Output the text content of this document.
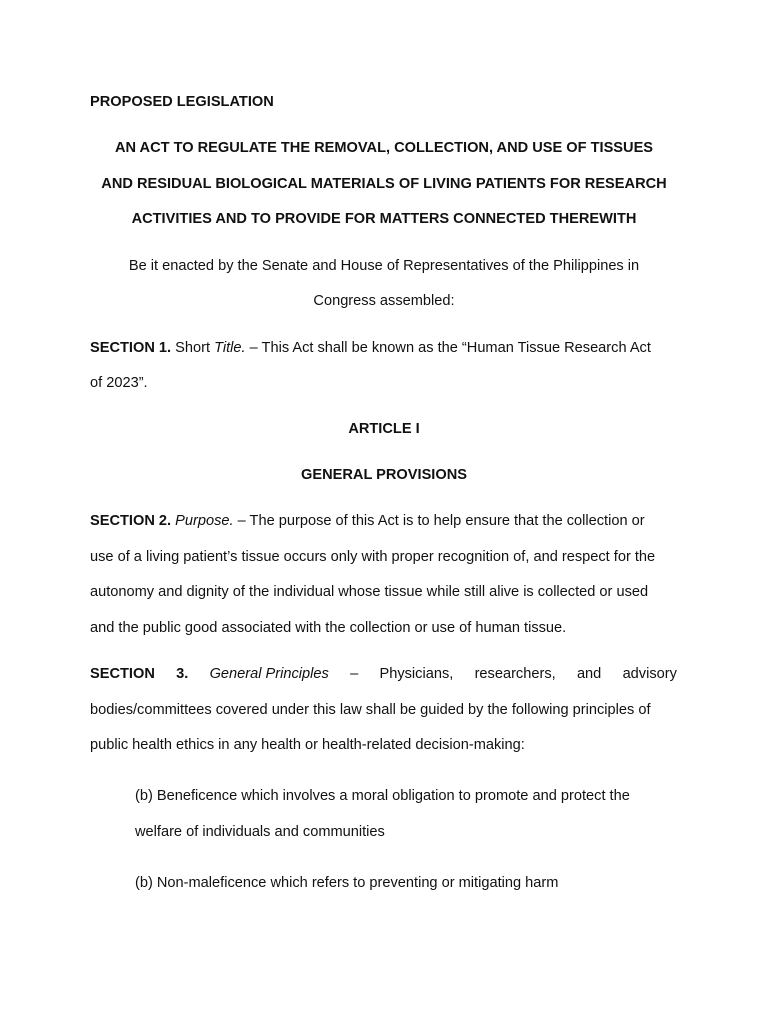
PROPOSED LEGISLATION
AN ACT TO REGULATE THE REMOVAL, COLLECTION, AND USE OF TISSUES
AND RESIDUAL BIOLOGICAL MATERIALS OF LIVING PATIENTS FOR RESEARCH
ACTIVITIES AND TO PROVIDE FOR MATTERS CONNECTED THEREWITH
Be it enacted by the Senate and House of Representatives of the Philippines in
Congress assembled:
SECTION 1. Short Title. – This Act shall be known as the “Human Tissue Research Act
of 2023”.
ARTICLE I
GENERAL PROVISIONS
SECTION 2. Purpose. – The purpose of this Act is to help ensure that the collection or
use of a living patient’s tissue occurs only with proper recognition of, and respect for the
autonomy and dignity of the individual whose tissue while still alive is collected or used
and the public good associated with the collection or use of human tissue.
SECTION 3. General Principles – Physicians, researchers, and advisory
bodies/committees covered under this law shall be guided by the following principles of
public health ethics in any health or health-related decision-making:
(b) Beneficence which involves a moral obligation to promote and protect the
welfare of individuals and communities
(b) Non-maleficence which refers to preventing or mitigating harm
